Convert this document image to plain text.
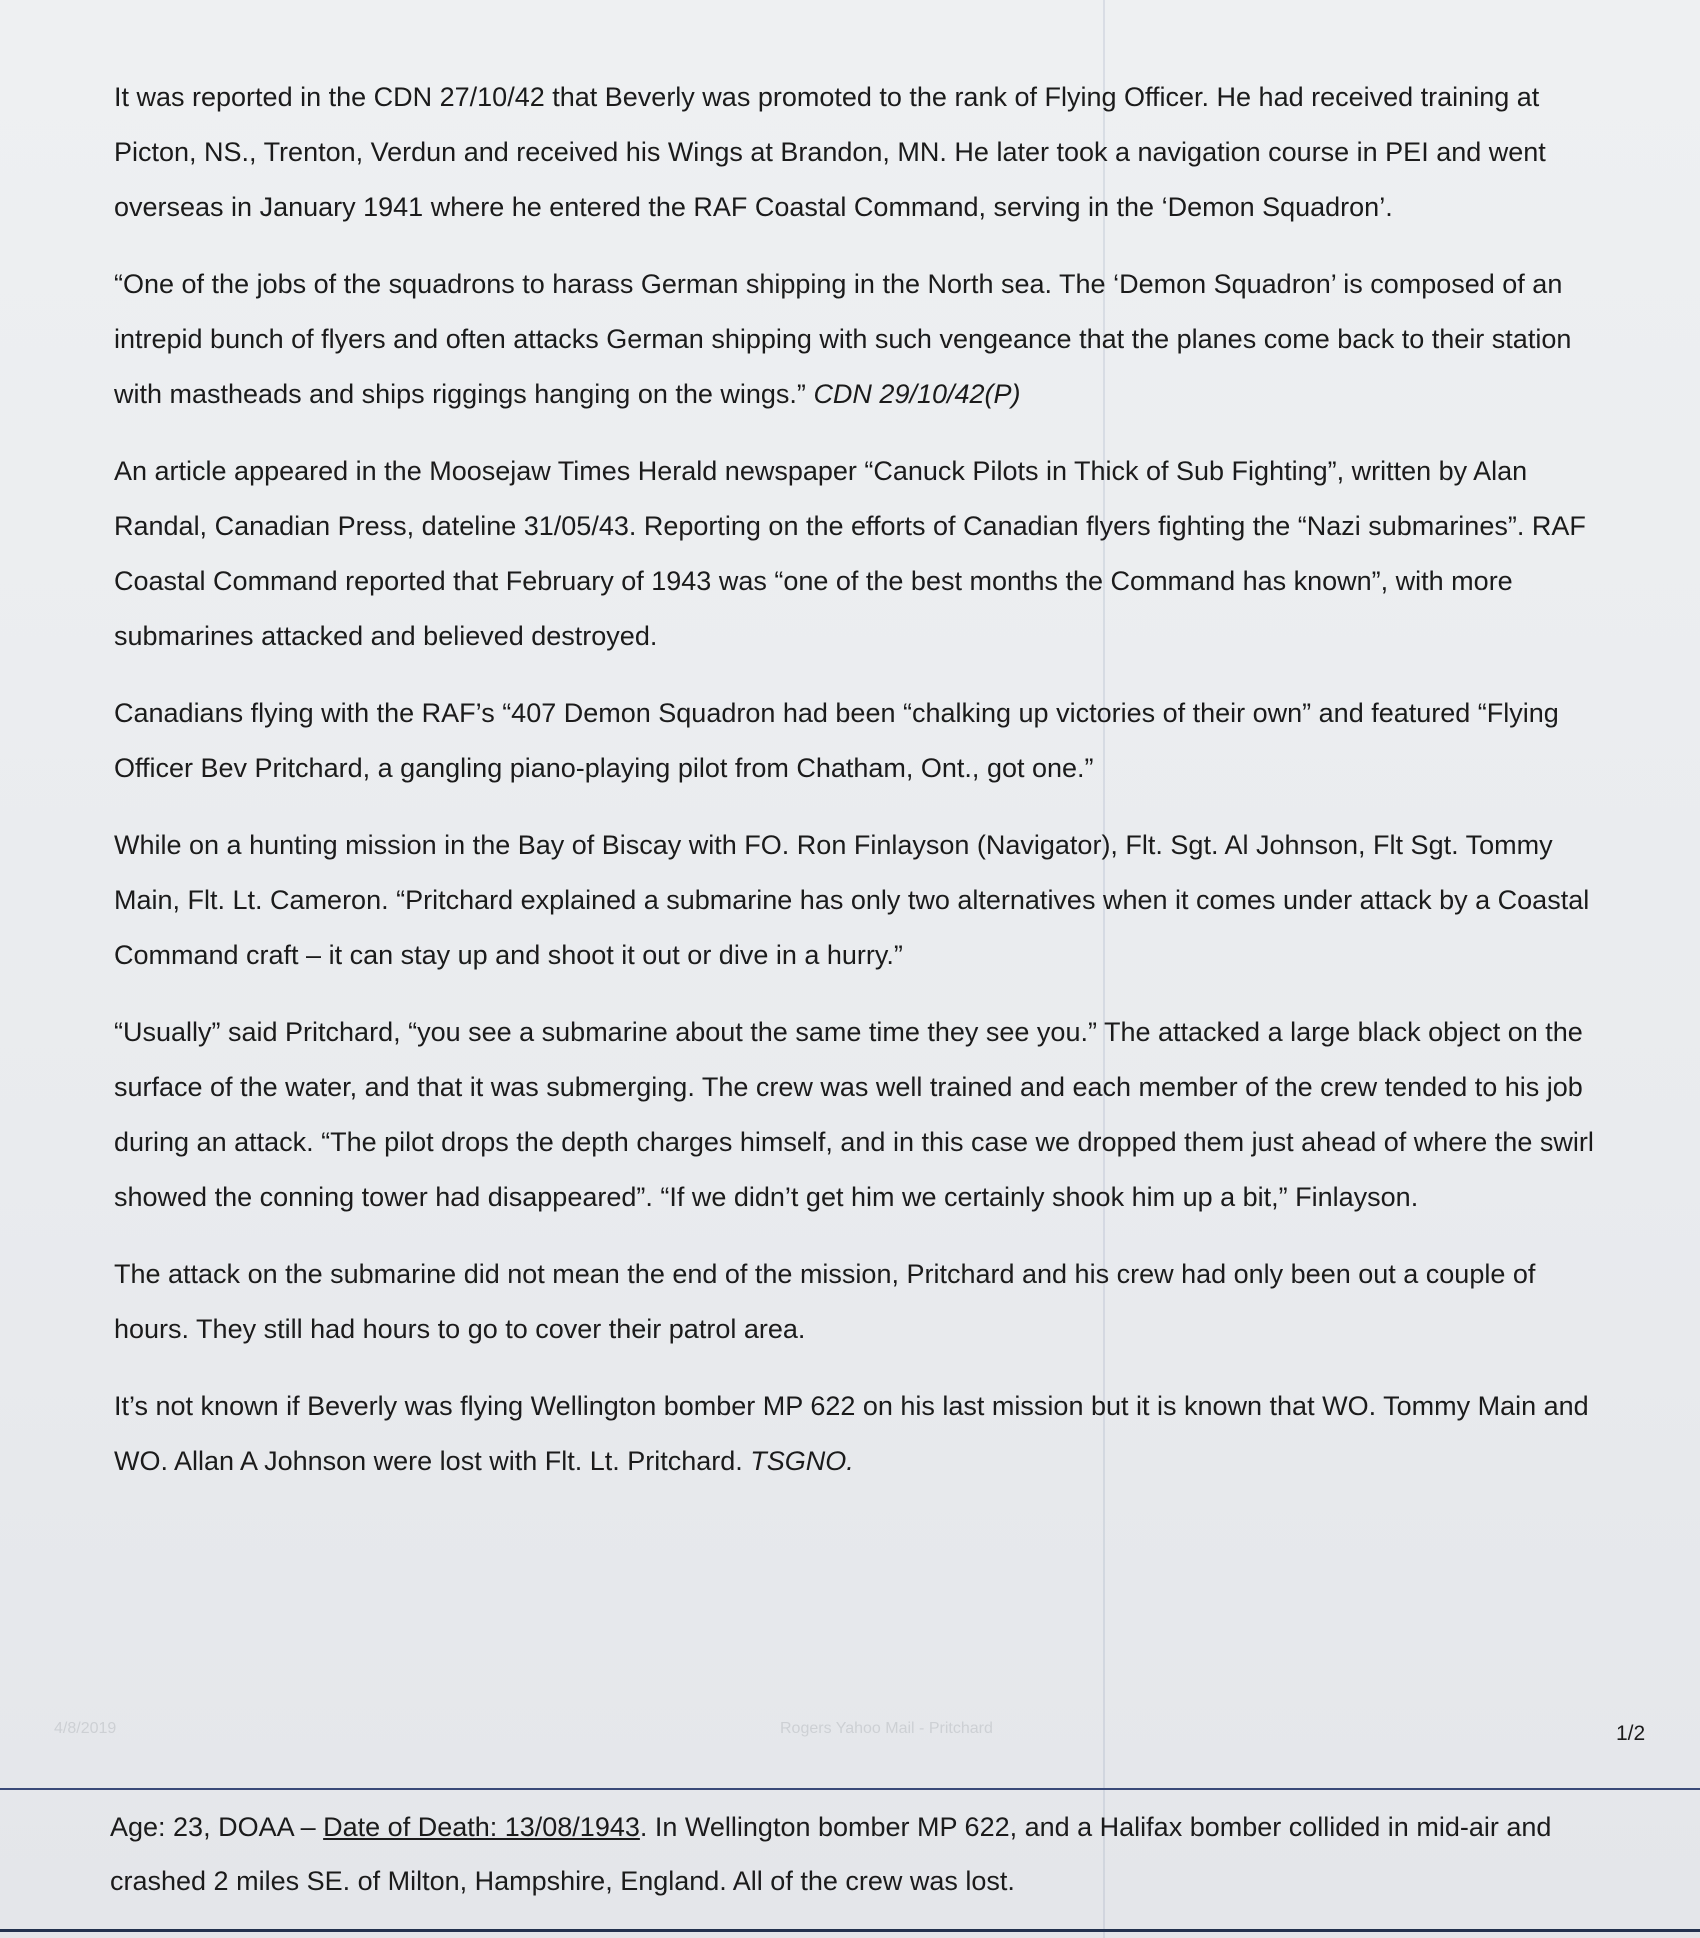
It was reported in the CDN 27/10/42 that Beverly was promoted to the rank of Flying Officer. He had received training at Picton, NS., Trenton, Verdun and received his Wings at Brandon, MN. He later took a navigation course in PEI and went overseas in January 1941 where he entered the RAF Coastal Command, serving in the ‘Demon Squadron’.

“One of the jobs of the squadrons to harass German shipping in the North sea. The ‘Demon Squadron’ is composed of an intrepid bunch of flyers and often attacks German shipping with such vengeance that the planes come back to their station with mastheads and ships riggings hanging on the wings.” CDN 29/10/42(P)

An article appeared in the Moosejaw Times Herald newspaper “Canuck Pilots in Thick of Sub Fighting”, written by Alan Randal, Canadian Press, dateline 31/05/43. Reporting on the efforts of Canadian flyers fighting the “Nazi submarines”. RAF Coastal Command reported that February of 1943 was “one of the best months the Command has known”, with more submarines attacked and believed destroyed.

Canadians flying with the RAF’s “407 Demon Squadron had been “chalking up victories of their own” and featured “Flying Officer Bev Pritchard, a gangling piano-playing pilot from Chatham, Ont., got one.”

While on a hunting mission in the Bay of Biscay with FO. Ron Finlayson (Navigator), Flt. Sgt. Al Johnson, Flt Sgt. Tommy Main, Flt. Lt. Cameron. “Pritchard explained a submarine has only two alternatives when it comes under attack by a Coastal Command craft – it can stay up and shoot it out or dive in a hurry.”

“Usually” said Pritchard, “you see a submarine about the same time they see you.” The attacked a large black object on the surface of the water, and that it was submerging. The crew was well trained and each member of the crew tended to his job during an attack. “The pilot drops the depth charges himself, and in this case we dropped them just ahead of where the swirl showed the conning tower had disappeared”. “If we didn’t get him we certainly shook him up a bit,” Finlayson.

The attack on the submarine did not mean the end of the mission, Pritchard and his crew had only been out a couple of hours. They still had hours to go to cover their patrol area.

It’s not known if Beverly was flying Wellington bomber MP 622 on his last mission but it is known that WO. Tommy Main and WO. Allan A Johnson were lost with Flt. Lt. Pritchard. TSGNO.

4/8/2019	Rogers Yahoo Mail - Pritchard	1/2
Age: 23, DOAA – Date of Death: 13/08/1943. In Wellington bomber MP 622, and a Halifax bomber collided in mid-air and crashed 2 miles SE. of Milton, Hampshire, England. All of the crew was lost.
